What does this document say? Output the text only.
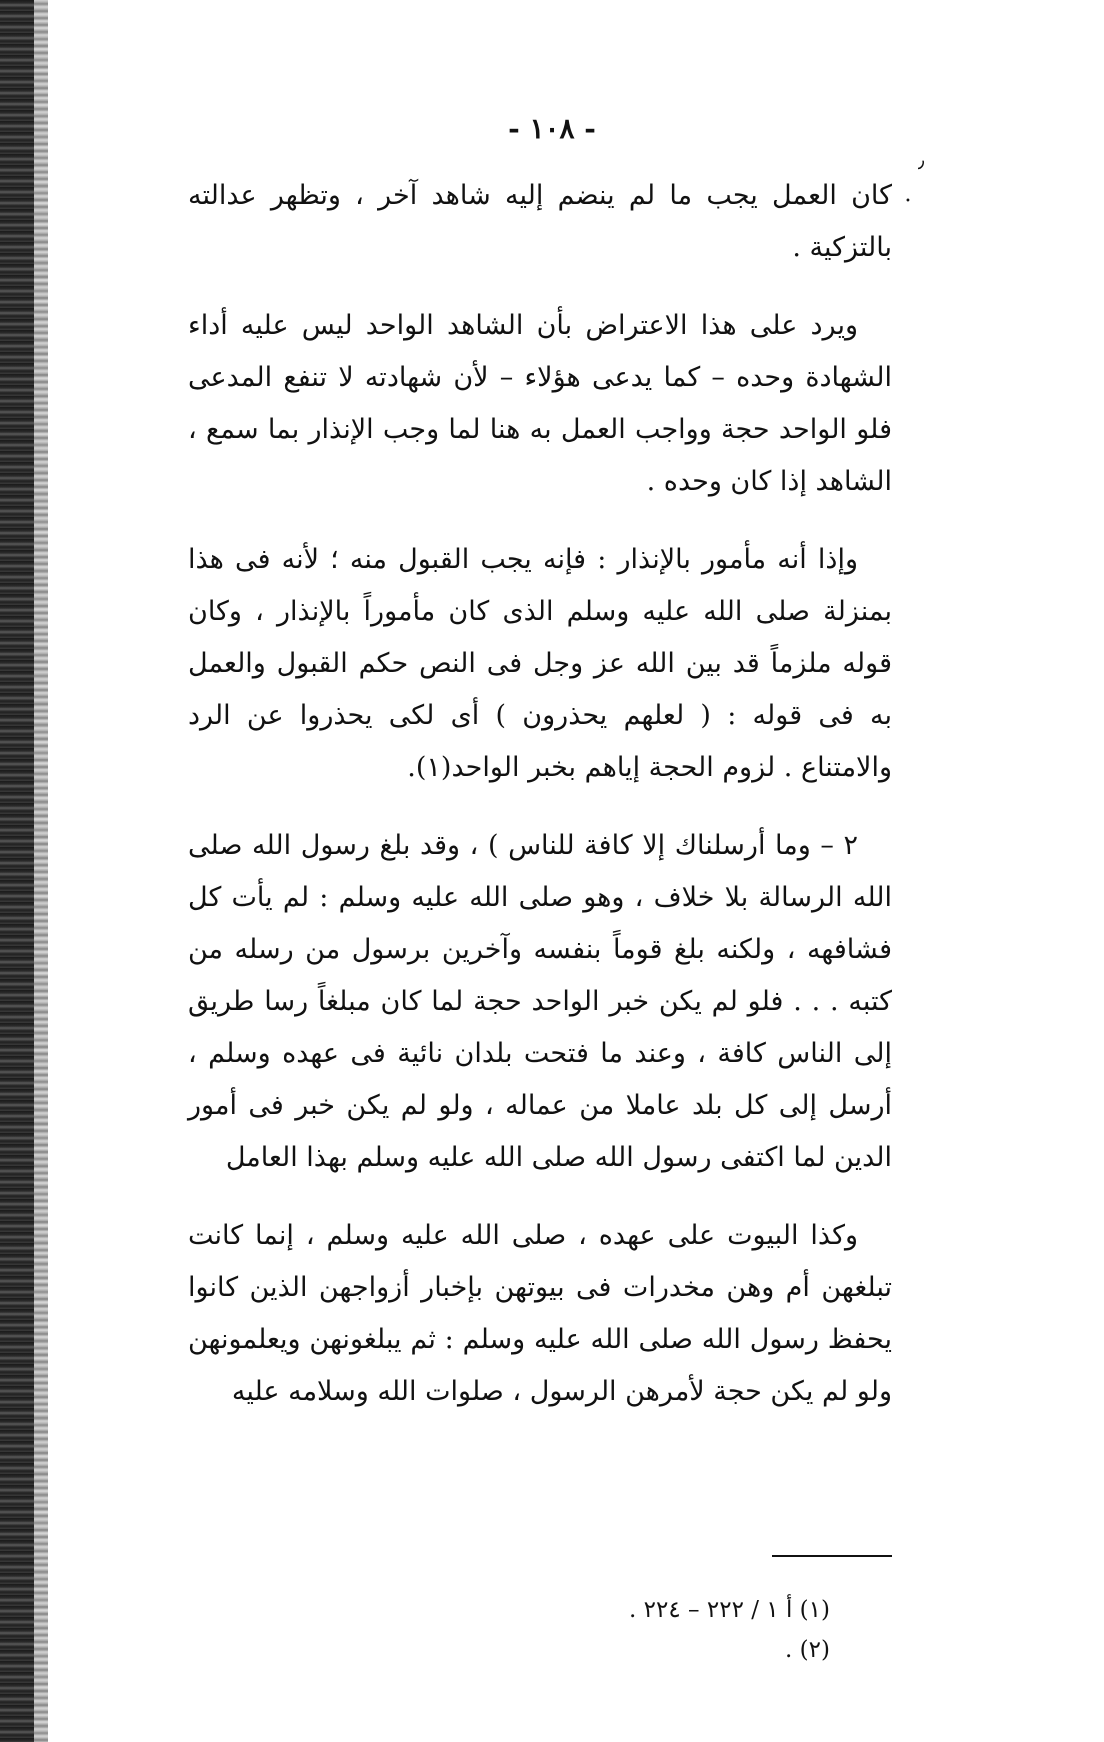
٫
•
- ١٠٨ -

كان العمل يجب ما لم ينضم إليه شاهد آخر ، وتظهر عدالته بالتزكية .

ويرد على هذا الاعتراض بأن الشاهد الواحد ليس عليه أداء الشهادة وحده – كما يدعى هؤلاء – لأن شهادته لا تنفع المدعى فلو الواحد حجة وواجب العمل به هنا لما وجب الإنذار بما سمع ، الشاهد إذا كان وحده .

وإذا أنه مأمور بالإنذار : فإنه يجب القبول منه ؛ لأنه فى هذا بمنزلة صلى الله عليه وسلم الذى كان مأموراً بالإنذار ، وكان قوله ملزماً قد بين الله عز وجل فى النص حكم القبول والعمل به فى قوله : ( لعلهم يحذرون ) أى لكى يحذروا عن الرد والامتناع . لزوم الحجة إياهم بخبر الواحد(١).

٢ – وما أرسلناك إلا كافة للناس ) ، وقد بلغ رسول الله صلى الله الرسالة بلا خلاف ، وهو صلى الله عليه وسلم : لم يأت كل فشافهه ، ولكنه بلغ قوماً بنفسه وآخرين برسول من رسله من كتبه . . . فلو لم يكن خبر الواحد حجة لما كان مبلغاً رسا طريق إلى الناس كافة ، وعند ما فتحت بلدان نائية فى عهده وسلم ، أرسل إلى كل بلد عاملا من عماله ، ولو لم يكن خبر فى أمور الدين لما اكتفى رسول الله صلى الله عليه وسلم بهذا العامل

وكذا البيوت على عهده ، صلى الله عليه وسلم ، إنما كانت تبلغهن أم وهن مخدرات فى بيوتهن بإخبار أزواجهن الذين كانوا يحفظ رسول الله صلى الله عليه وسلم : ثم يبلغونهن ويعلمونهن ولو لم يكن حجة لأمرهن الرسول ، صلوات الله وسلامه عليه

(١) أ ١ / ٢٢٢ – ٢٢٤ .

(٢) .
